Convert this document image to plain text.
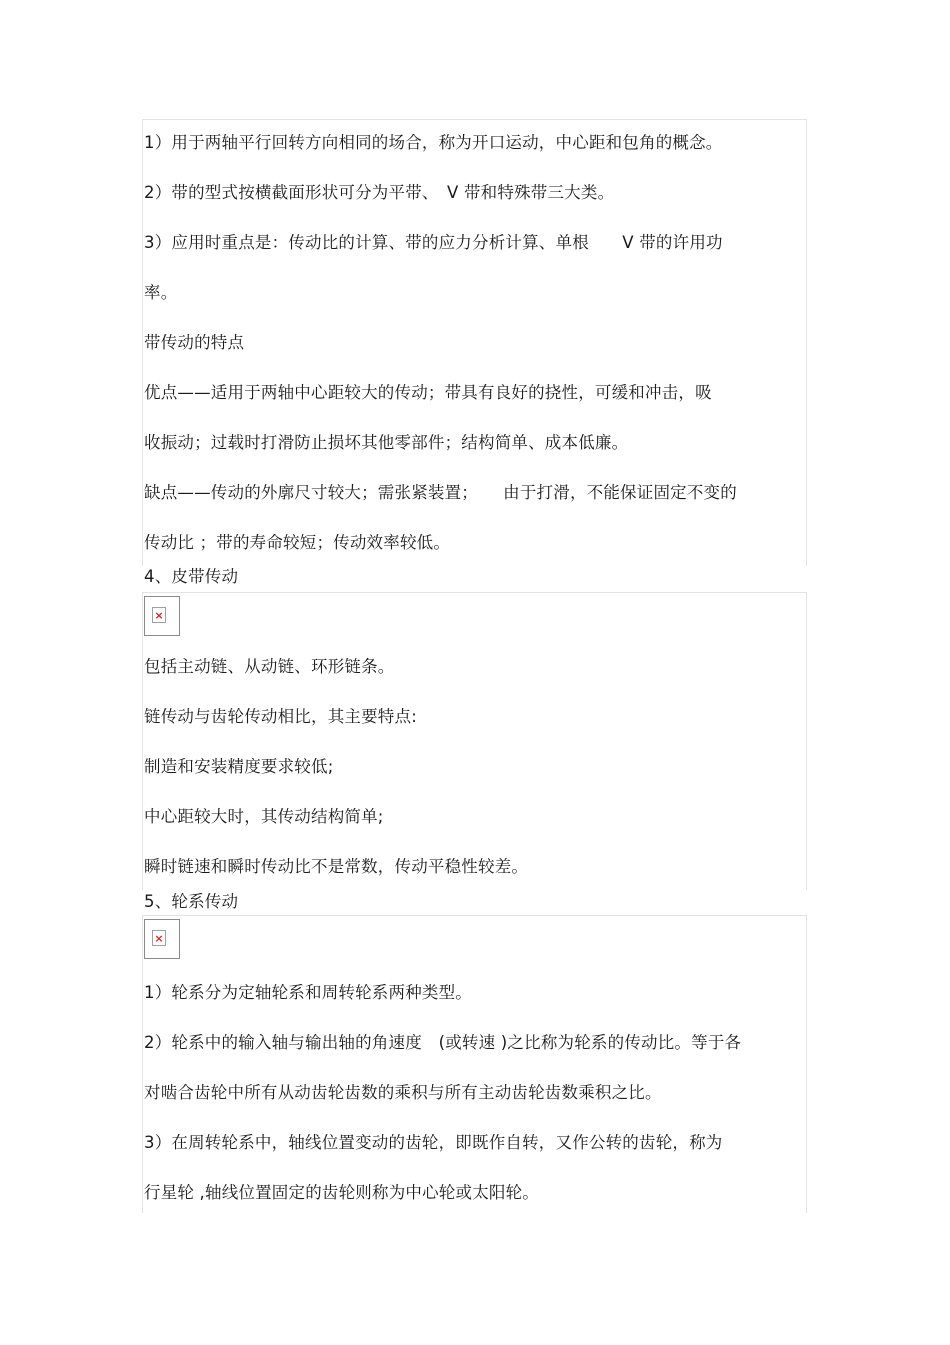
1）用于两轴平行回转方向相同的场合，称为开口运动，中心距和包角的概念。
2）带的型式按横截面形状可分为平带、　V 带和特殊带三大类。
3）应用时重点是：传动比的计算、带的应力分析计算、单根　　V 带的许用功
率。
带传动的特点
优点——适用于两轴中心距较大的传动；带具有良好的挠性，可缓和冲击，吸
收振动；过载时打滑防止损坏其他零部件；结构简单、成本低廉。
缺点——传动的外廓尺寸较大；需张紧装置；　　由于打滑，不能保证固定不变的
传动比 ；带的寿命较短；传动效率较低。
4、皮带传动
×
包括主动链、从动链、环形链条。
链传动与齿轮传动相比，其主要特点:
制造和安装精度要求较低;
中心距较大时，其传动结构简单;
瞬时链速和瞬时传动比不是常数，传动平稳性较差。
5、轮系传动
×
1）轮系分为定轴轮系和周转轮系两种类型。
2）轮系中的输入轴与输出轴的角速度　(或转速 )之比称为轮系的传动比。等于各
对啮合齿轮中所有从动齿轮齿数的乘积与所有主动齿轮齿数乘积之比。
3）在周转轮系中，轴线位置变动的齿轮，即既作自转，又作公转的齿轮，称为
行星轮 ,轴线位置固定的齿轮则称为中心轮或太阳轮。
